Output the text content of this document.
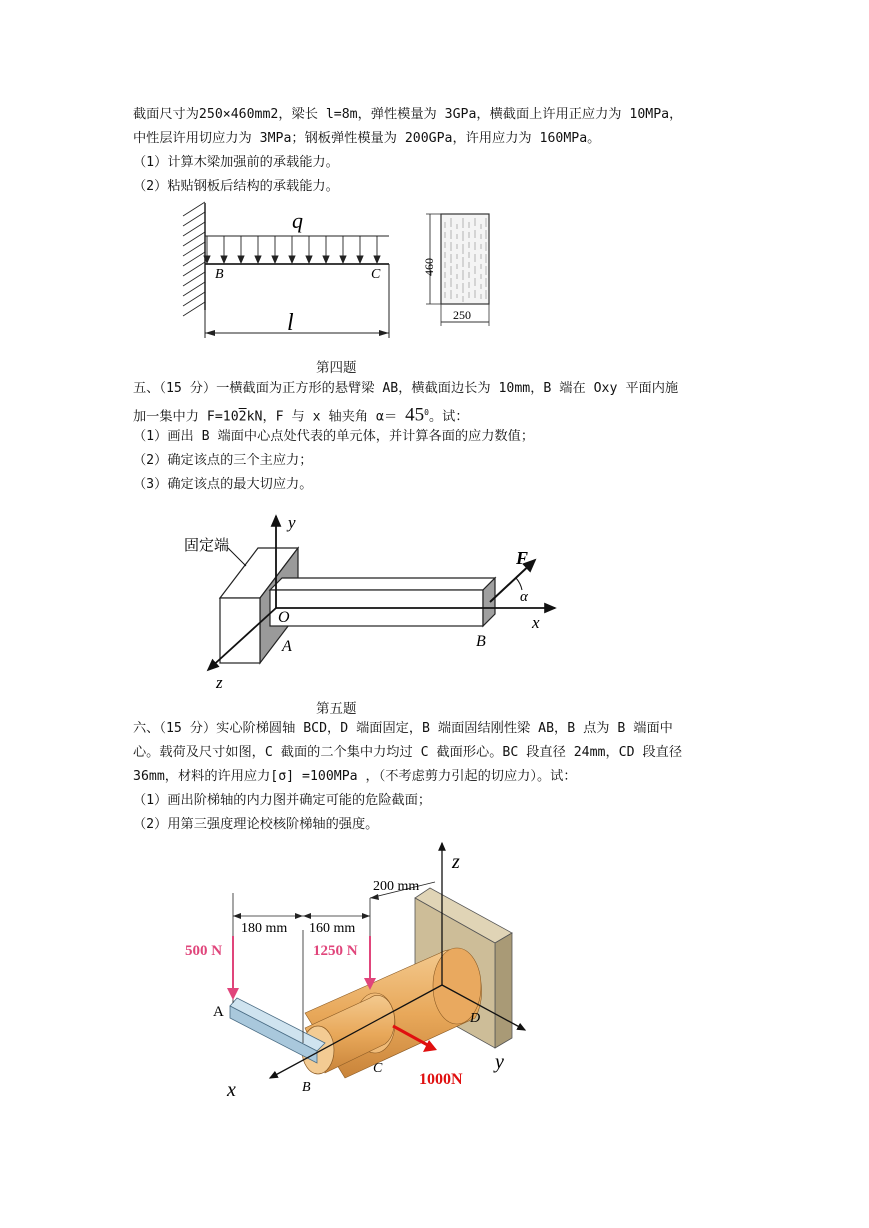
截面尺寸为250×460mm2，梁长 l=8m，弹性模量为 3GPa，横截面上许用正应力为 10MPa，
中性层许用切应力为 3MPa；钢板弹性模量为 200GPa，许用应力为 160MPa。
（1）计算木梁加强前的承载能力。
（2）粘贴钢板后结构的承载能力。
q
B	C
l
460
250
第四题
五、（15 分）一横截面为正方形的悬臂梁 AB，横截面边长为 10mm，B 端在 Oxy 平面内施
加一集中力 F=102kN，F 与 x 轴夹角 $\alpha= 45^0$。试：
（1）画出 B 端面中心点处代表的单元体，并计算各面的应力数值；
（2）确定该点的三个主应力；
（3）确定该点的最大切应力。
y
x
z
O
A	B
F
α
固定端
第五题
六、（15 分）实心阶梯圆轴 BCD，D 端面固定，B 端面固结刚性梁 AB，B 点为 B 端面中
心。载荷及尺寸如图，C 截面的二个集中力均过 C 截面形心。BC 段直径 24mm，CD 段直径
36mm，材料的许用应力[σ] =100MPa ，（不考虑剪力引起的切应力）。试：
（1）画出阶梯轴的内力图并确定可能的危险截面；
（2）用第三强度理论校核阶梯轴的强度。
180 mm 160 mm
200 mm
500 N	1250 N
1000N
z
y
x
A
B
C
D
